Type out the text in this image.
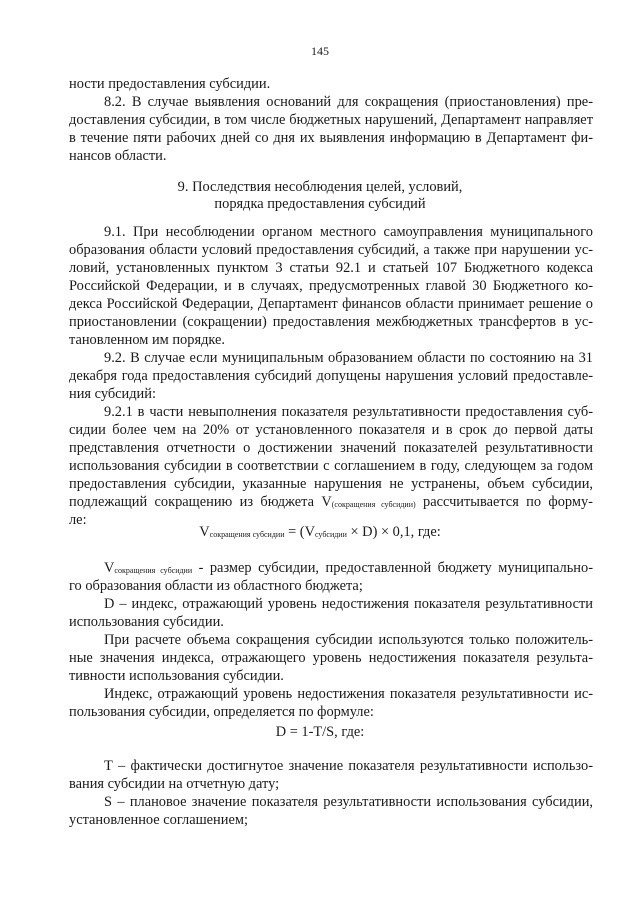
145

ности предоставления субсидии.

8.2. В случае выявления оснований для сокращения (приостановления) пре-

доставления субсидии, в том числе бюджетных нарушений, Департамент направляет

в течение пяти рабочих дней со дня их выявления информацию в Департамент фи-

нансов области.

9. Последствия несоблюдения целей, условий,

порядка предоставления субсидий

9.1. При несоблюдении органом местного самоуправления муниципального

образования области условий предоставления субсидий, а также при нарушении ус-

ловий, установленных пунктом 3 статьи 92.1 и статьей 107 Бюджетного кодекса

Российской Федерации, и в случаях, предусмотренных главой 30 Бюджетного ко-

декса Российской Федерации, Департамент финансов области принимает решение о

приостановлении (сокращении) предоставления межбюджетных трансфертов в ус-

тановленном им порядке.

9.2. В случае если муниципальным образованием области по состоянию на 31

декабря года предоставления субсидий допущены нарушения условий предоставле-

ния субсидий:

9.2.1 в части невыполнения показателя результативности предоставления суб-

сидии более чем на 20% от установленного показателя и в срок до первой даты

представления отчетности о достижении значений показателей результативности

использования субсидии в соответствии с соглашением в году, следующем за годом

предоставления субсидии, указанные нарушения не устранены, объем субсидии,

подлежащий сокращению из бюджета V(сокращения субсидии) рассчитывается по форму-

ле:

Vсокращения субсидии = (Vсубсидии × D) × 0,1, где:

Vсокращения субсидии - размер субсидии, предоставленной бюджету муниципально-

го образования области из областного бюджета;

D – индекс, отражающий уровень недостижения показателя результативности

использования субсидии.

При расчете объема сокращения субсидии используются только положитель-

ные значения индекса, отражающего уровень недостижения показателя результа-

тивности использования субсидии.

Индекс, отражающий уровень недостижения показателя результативности ис-

пользования субсидии, определяется по формуле:

D = 1-T/S, где:

Т – фактически достигнутое значение показателя результативности использо-

вания субсидии на отчетную дату;

S – плановое значение показателя результативности использования субсидии,

установленное соглашением;
